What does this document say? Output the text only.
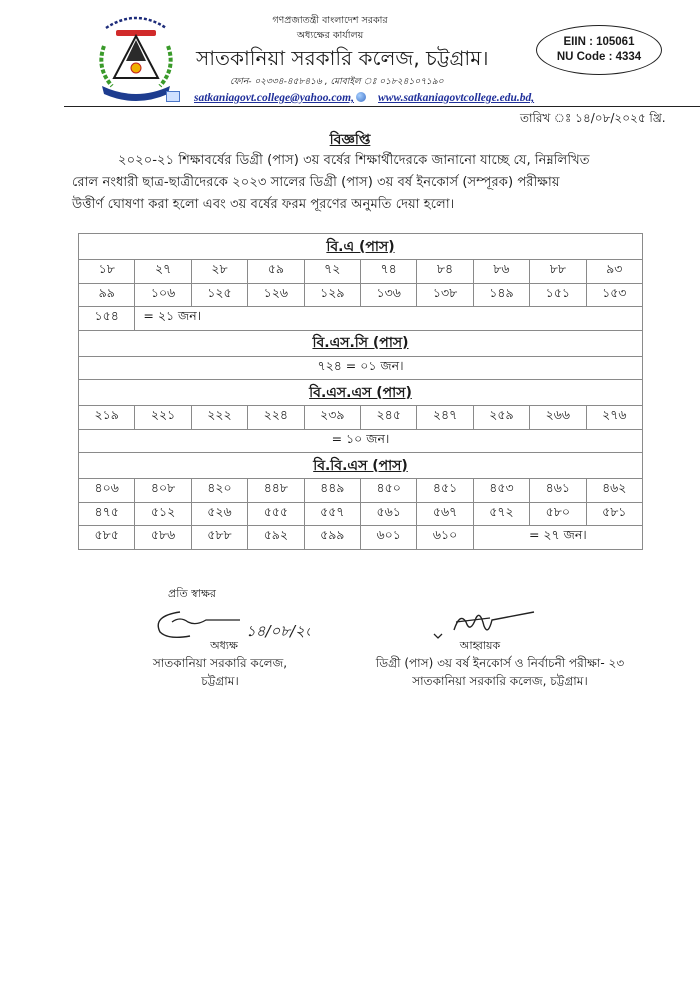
গণপ্রজাতন্ত্রী বাংলাদেশ সরকার
অধ্যক্ষের কার্যালয়
সাতকানিয়া সরকারি কলেজ, চট্টগ্রাম।
ফোন- ০২৩৩৪-৪৫৮৪১৬ , মোবাইল ঃ ০১৮২৪১০৭১৯০
EIIN : 105061
NU Code : 4334
satkaniagovt.college@yahoo.com, www.satkaniagovtcollege.edu.bd,
তারিখ ঃ ১৪/০৮/২০২৫ খ্রি.
বিজ্ঞপ্তি
২০২০-২১ শিক্ষাবর্ষের ডিগ্রী (পাস) ৩য় বর্ষের শিক্ষার্থীদেরকে জানানো যাচ্ছে যে, নিম্নলিখিত
রোল নংধারী ছাত্র-ছাত্রীদেরকে ২০২৩ সালের ডিগ্রী (পাস) ৩য় বর্ষ ইনকোর্স (সম্পূরক) পরীক্ষায়
উত্তীর্ণ ঘোষণা করা হলো এবং ৩য় বর্ষের ফরম পূরণের অনুমতি দেয়া হলো।
বি.এ (পাস)									
১৮	২৭	২৮	৫৯	৭২	৭৪	৮৪	৮৬	৮৮	৯৩
৯৯	১০৬	১২৫	১২৬	১২৯	১৩৬	১৩৮	১৪৯	১৫১	১৫৩
১৫৪	= ২১ জন।								
বি.এস.সি (পাস)									
৭২৪ = ০১ জন।									
বি.এস.এস (পাস)									
২১৯	২২১	২২২	২২৪	২৩৯	২৪৫	২৪৭	২৫৯	২৬৬	২৭৬
= ১০ জন।									
বি.বি.এস (পাস)									
৪০৬	৪০৮	৪২০	৪৪৮	৪৪৯	৪৫০	৪৫১	৪৫৩	৪৬১	৪৬২
৪৭৫	৫১২	৫২৬	৫৫৫	৫৫৭	৫৬১	৫৬৭	৫৭২	৫৮০	৫৮১
৫৮৫	৫৮৬	৫৮৮	৫৯২	৫৯৯	৬০১	৬১০	= ২৭ জন।		
প্রতি স্বাক্ষর
১৪/০৮/২৫
অধ্যক্ষ
সাতকানিয়া সরকারি কলেজ,
চট্টগ্রাম।
আহ্বায়ক
ডিগ্রী (পাস) ৩য় বর্ষ ইনকোর্স ও নির্বাচনী পরীক্ষা- ২৩
সাতকানিয়া সরকারি কলেজ, চট্টগ্রাম।
